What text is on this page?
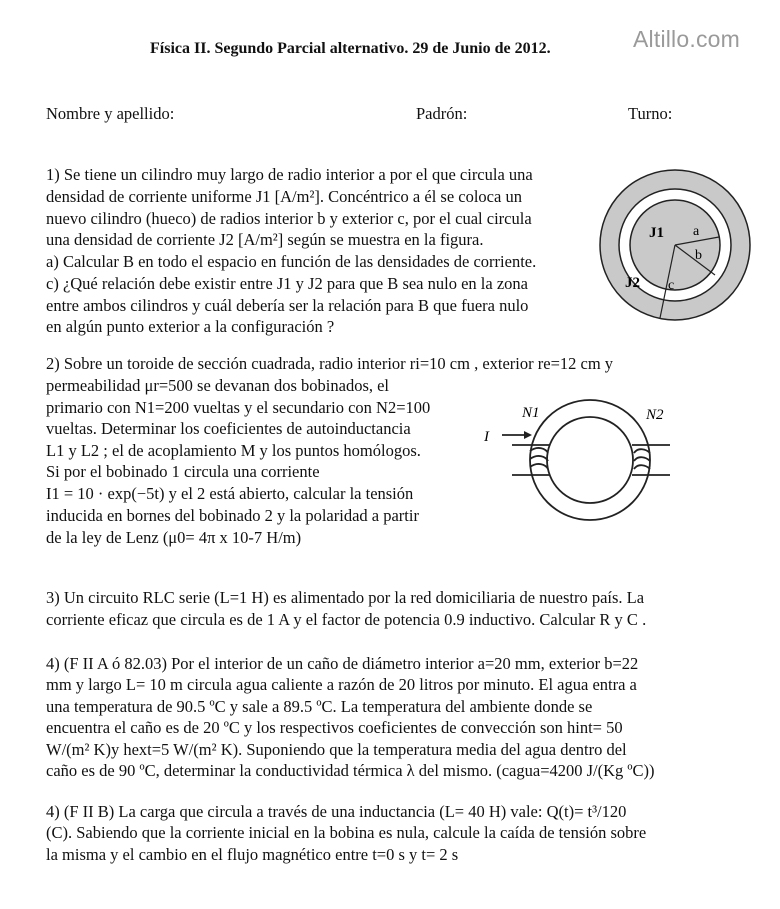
Altillo.com
Física II. Segundo Parcial alternativo. 29 de Junio de 2012.
Nombre y apellido:	Padrón:	Turno:
1) Se tiene un cilindro muy largo de radio interior a por el que circula una
densidad de corriente uniforme J1 [A/m²]. Concéntrico a él se coloca un
nuevo cilindro (hueco) de radios interior b y exterior c, por el cual circula
una densidad de corriente J2 [A/m²] según se muestra en la figura.
a) Calcular B en todo el espacio en función de las densidades de corriente.
c) ¿Qué relación debe existir entre J1 y J2 para que B sea nulo en la zona
entre ambos cilindros y cuál debería ser la relación para B que fuera nulo
en algún punto exterior a la configuración ?
J1 a
b
c
J2
2) Sobre un toroide de sección cuadrada, radio interior ri=10 cm , exterior re=12 cm y
permeabilidad μr=500 se devanan dos bobinados, el
primario con N1=200 vueltas y el secundario con N2=100
vueltas. Determinar los coeficientes de autoinductancia
L1 y L2 ; el de acoplamiento M y los puntos homólogos.
Si por el bobinado 1 circula una corriente
I1 = 10 · exp(−5t) y el 2 está abierto, calcular la tensión
inducida en bornes del bobinado 2 y la polaridad a partir
de la ley de Lenz (μ0= 4π x 10-7 H/m)
N1	N2
I
3) Un circuito RLC serie (L=1 H) es alimentado por la red domiciliaria de nuestro país. La
corriente eficaz que circula es de 1 A y el factor de potencia 0.9 inductivo. Calcular R y C .
4) (F II A ó 82.03) Por el interior de un caño de diámetro interior a=20 mm, exterior b=22
mm y largo L= 10 m circula agua caliente a razón de 20 litros por minuto. El agua entra a
una temperatura de 90.5 ºC y sale a 89.5 ºC. La temperatura del ambiente donde se
encuentra el caño es de 20 ºC y los respectivos coeficientes de convección son hint= 50
W/(m² K)y hext=5 W/(m² K). Suponiendo que la temperatura media del agua dentro del
caño es de 90 ºC, determinar la conductividad térmica λ del mismo. (cagua=4200 J/(Kg ºC))
4) (F II B) La carga que circula a través de una inductancia (L= 40 H) vale: Q(t)= t³/120
(C). Sabiendo que la corriente inicial en la bobina es nula, calcule la caída de tensión sobre
la misma y el cambio en el flujo magnético entre t=0 s y t= 2 s
